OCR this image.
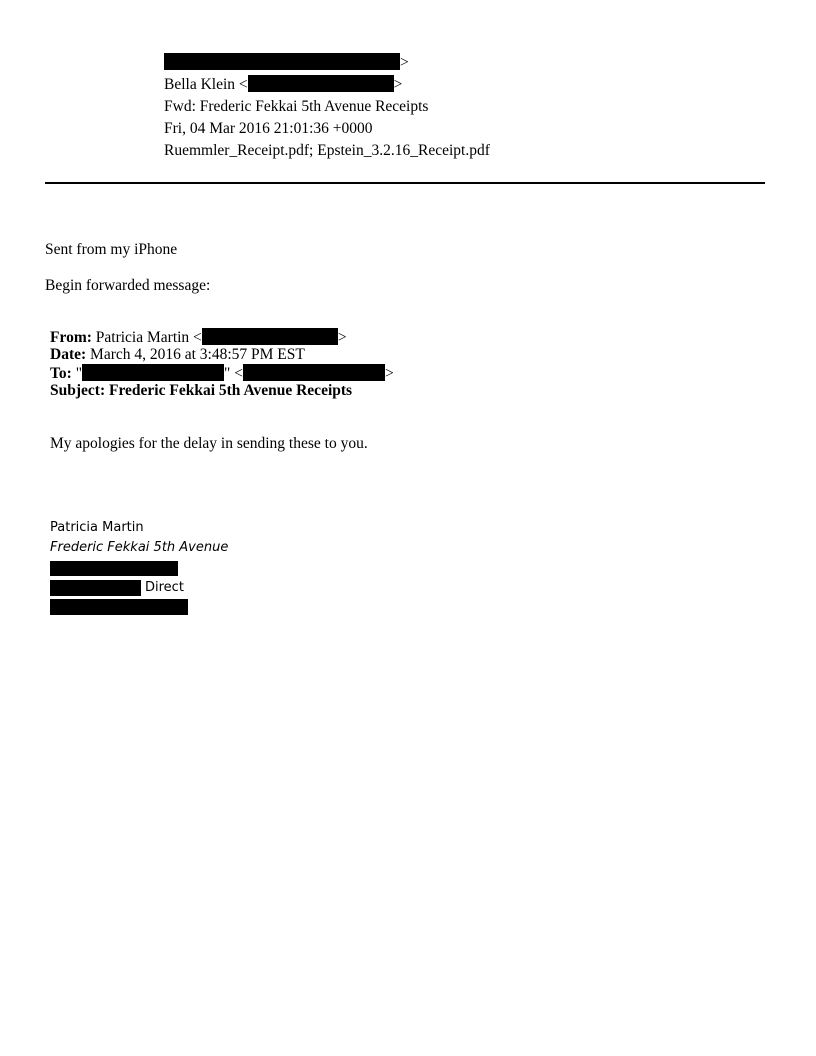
>
Bella Klein <	>
Fwd: Frederic Fekkai 5th Avenue Receipts
Fri, 04 Mar 2016 21:01:36 +0000
Ruemmler_Receipt.pdf; Epstein_3.2.16_Receipt.pdf
Sent from my iPhone
Begin forwarded message:
From: Patricia Martin <	>
Date: March 4, 2016 at 3:48:57 PM EST
To: "	" <	>
Subject: Frederic Fekkai 5th Avenue Receipts
My apologies for the delay in sending these to you.
Patricia Martin
Frederic Fekkai 5th Avenue
Direct
